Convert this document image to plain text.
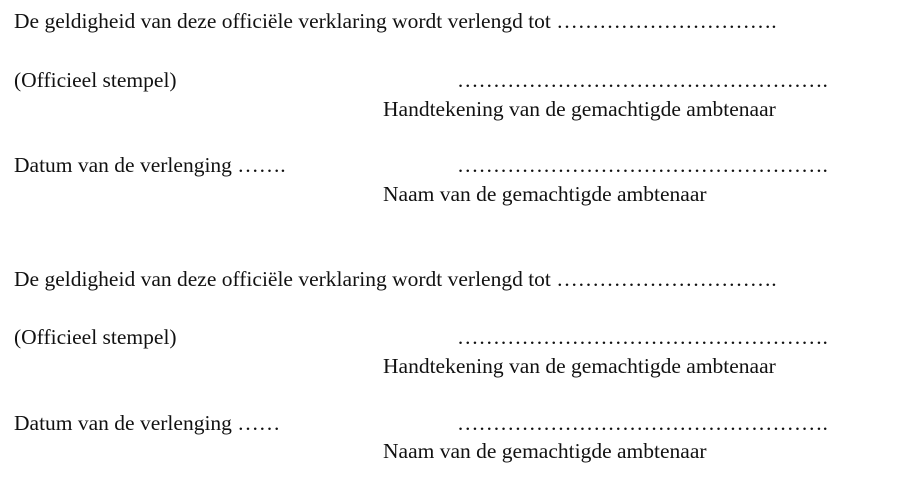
De geldigheid van deze officiële verklaring wordt verlengd tot ………………………….
(Officieel stempel)	…………………………………………….
Handtekening van de gemachtigde ambtenaar
Datum van de verlenging …….	…………………………………………….
Naam van de gemachtigde ambtenaar
De geldigheid van deze officiële verklaring wordt verlengd tot ………………………….
(Officieel stempel)	…………………………………………….
Handtekening van de gemachtigde ambtenaar
Datum van de verlenging ……	…………………………………………….
Naam van de gemachtigde ambtenaar
